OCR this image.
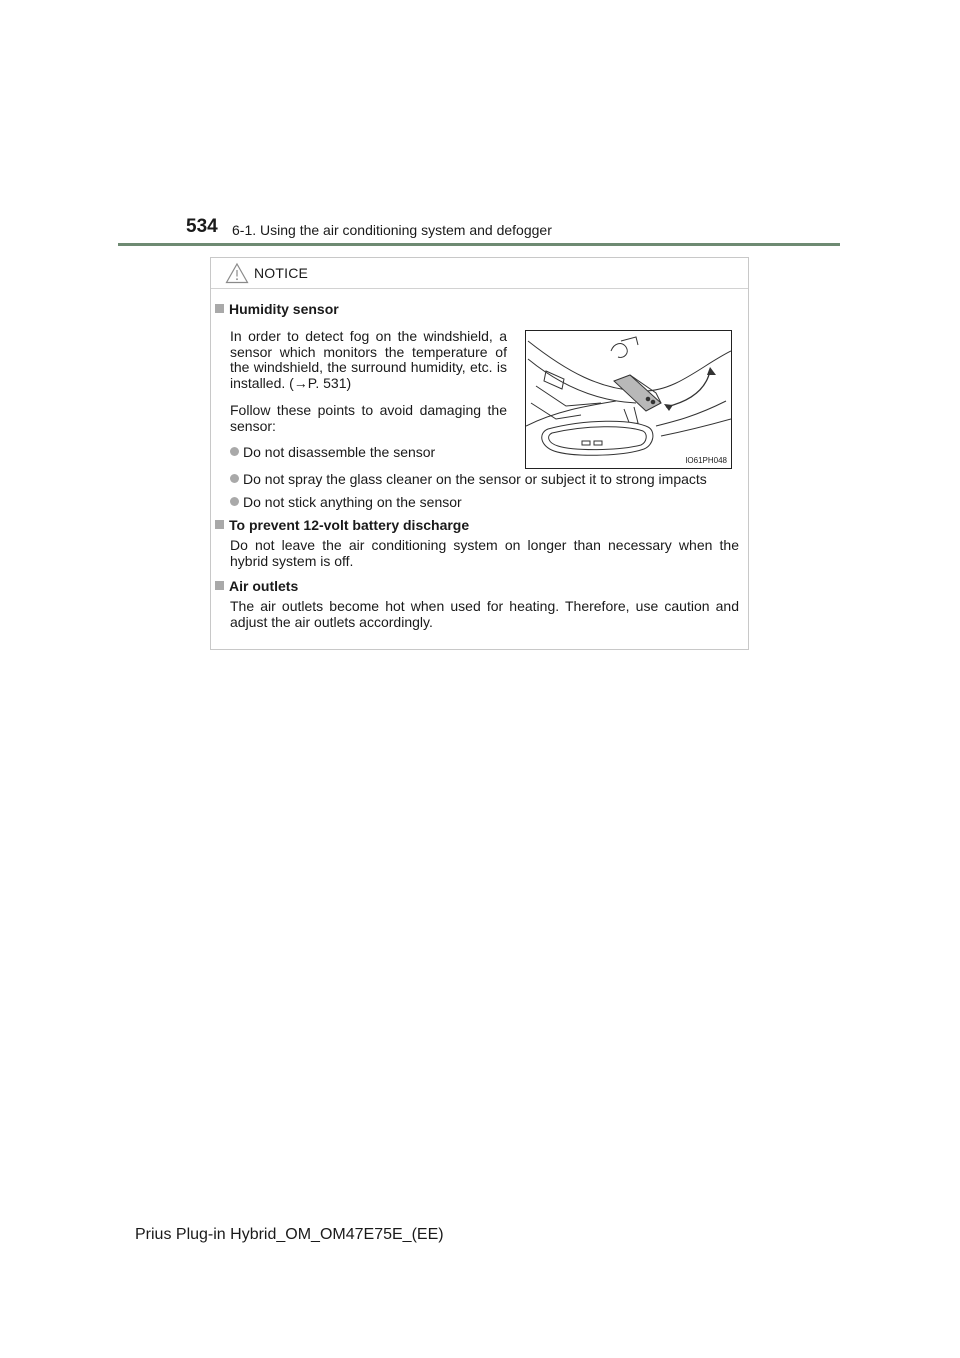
534 6-1. Using the air conditioning system and defogger
NOTICE
Humidity sensor
In order to detect fog on the windshield, a sensor which monitors the temperature of the windshield, the surround humidity, etc. is installed. (→P. 531)
Follow these points to avoid damaging the sensor:
Do not disassemble the sensor
Do not spray the glass cleaner on the sensor or subject it to strong impacts
Do not stick anything on the sensor
IO61PH048
To prevent 12-volt battery discharge
Do not leave the air conditioning system on longer than necessary when the hybrid system is off.
Air outlets
The air outlets become hot when used for heating. Therefore, use caution and adjust the air outlets accordingly.
Prius Plug-in Hybrid_OM_OM47E75E_(EE)
